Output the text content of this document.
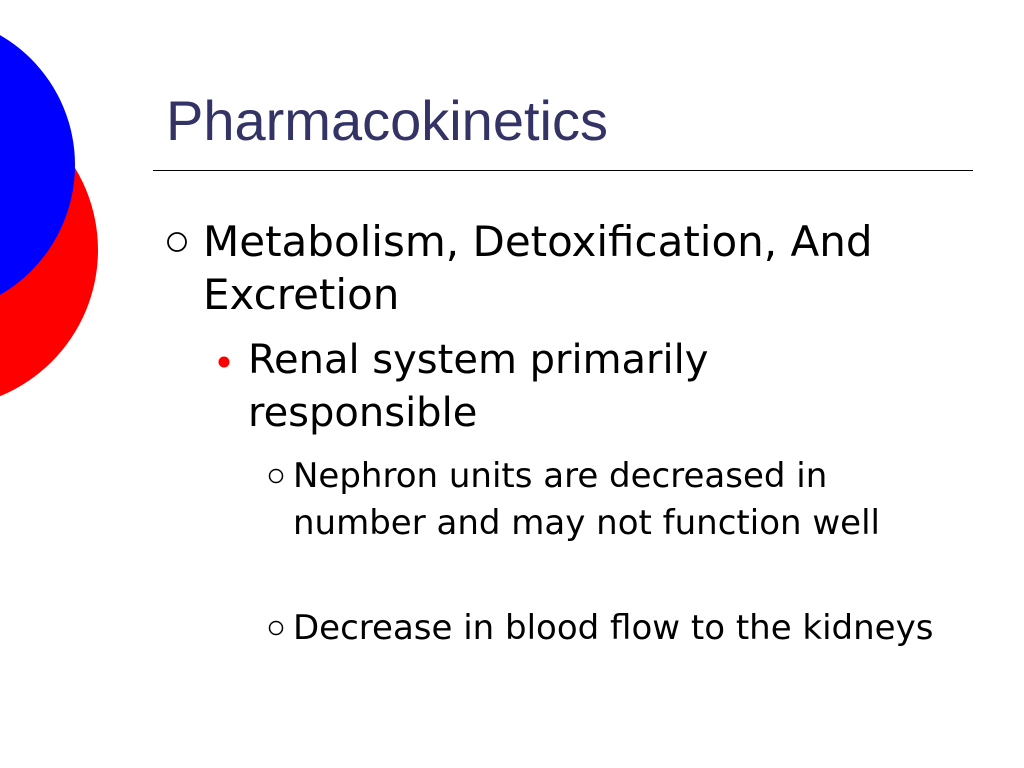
Pharmacokinetics
Metabolism, Detoxification, And Excretion
Renal system primarily responsible
Nephron units are decreased in number and may not function well
Decrease in blood flow to the kidneys
